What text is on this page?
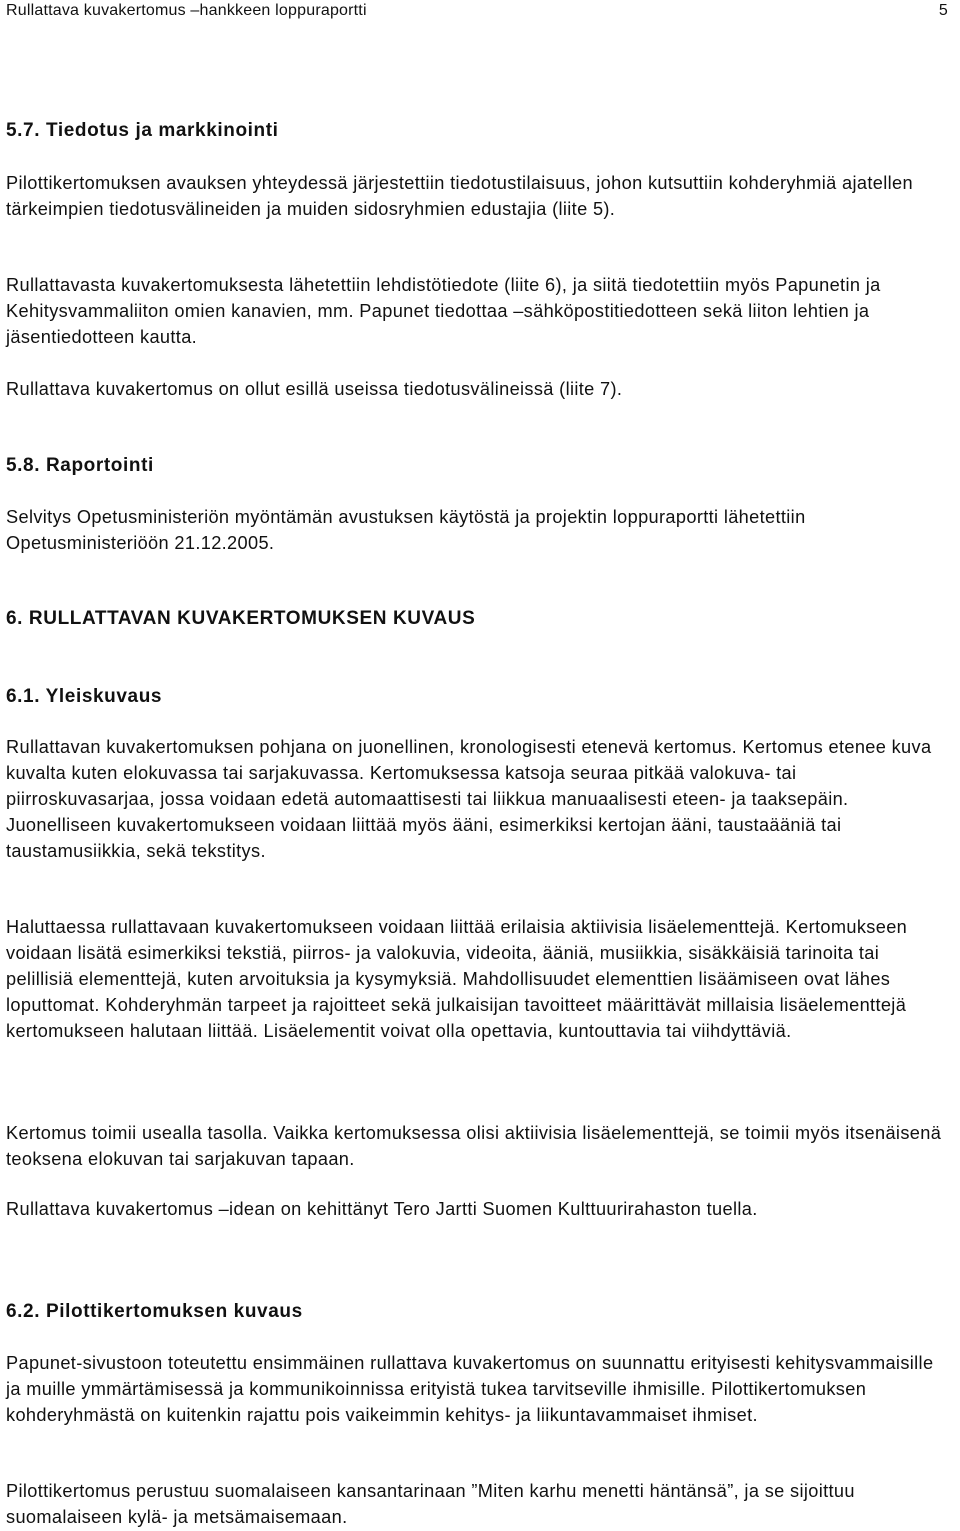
Rullattava kuvakertomus –hankkeen loppuraportti	5
5.7. Tiedotus ja markkinointi

Pilottikertomuksen avauksen yhteydessä järjestettiin tiedotustilaisuus, johon kutsuttiin kohderyhmiä ajatellen tärkeimpien tiedotusvälineiden ja muiden sidosryhmien edustajia (liite 5).

Rullattavasta kuvakertomuksesta lähetettiin lehdistötiedote (liite 6), ja siitä tiedotettiin myös Papunetin ja Kehitysvammaliiton omien kanavien, mm. Papunet tiedottaa –sähköpostitiedotteen sekä liiton lehtien ja jäsentiedotteen kautta.

Rullattava kuvakertomus on ollut esillä useissa tiedotusvälineissä (liite 7).

5.8. Raportointi

Selvitys Opetusministeriön myöntämän avustuksen käytöstä ja projektin loppuraportti lähetettiin Opetusministeriöön 21.12.2005.

6. RULLATTAVAN KUVAKERTOMUKSEN KUVAUS
6.1. Yleiskuvaus

Rullattavan kuvakertomuksen pohjana on juonellinen, kronologisesti etenevä kertomus. Kertomus etenee kuva kuvalta kuten elokuvassa tai sarjakuvassa. Kertomuksessa katsoja seuraa pitkää valokuva- tai piirroskuvasarjaa, jossa voidaan edetä automaattisesti tai liikkua manuaalisesti eteen- ja taaksepäin. Juonelliseen kuvakertomukseen voidaan liittää myös ääni, esimerkiksi kertojan ääni, taustaääniä tai taustamusiikkia, sekä tekstitys.

Haluttaessa rullattavaan kuvakertomukseen voidaan liittää erilaisia aktiivisia lisäelementtejä. Kertomukseen voidaan lisätä esimerkiksi tekstiä, piirros- ja valokuvia, videoita, ääniä, musiikkia, sisäkkäisiä tarinoita tai pelillisiä elementtejä, kuten arvoituksia ja kysymyksiä. Mahdollisuudet elementtien lisäämiseen ovat lähes loputtomat. Kohderyhmän tarpeet ja rajoitteet sekä julkaisijan tavoitteet määrittävät millaisia lisäelementtejä kertomukseen halutaan liittää. Lisäelementit voivat olla opettavia, kuntouttavia tai viihdyttäviä.

Kertomus toimii usealla tasolla. Vaikka kertomuksessa olisi aktiivisia lisäelementtejä, se toimii myös itsenäisenä teoksena elokuvan tai sarjakuvan tapaan.

Rullattava kuvakertomus –idean on kehittänyt Tero Jartti Suomen Kulttuurirahaston tuella.

6.2. Pilottikertomuksen kuvaus

Papunet-sivustoon toteutettu ensimmäinen rullattava kuvakertomus on suunnattu erityisesti kehitysvammaisille ja muille ymmärtämisessä ja kommunikoinnissa erityistä tukea tarvitseville ihmisille. Pilottikertomuksen kohderyhmästä on kuitenkin rajattu pois vaikeimmin kehitys- ja liikuntavammaiset ihmiset.

Pilottikertomus perustuu suomalaiseen kansantarinaan ”Miten karhu menetti häntänsä”, ja se sijoittuu suomalaiseen kylä- ja metsämaisemaan.
